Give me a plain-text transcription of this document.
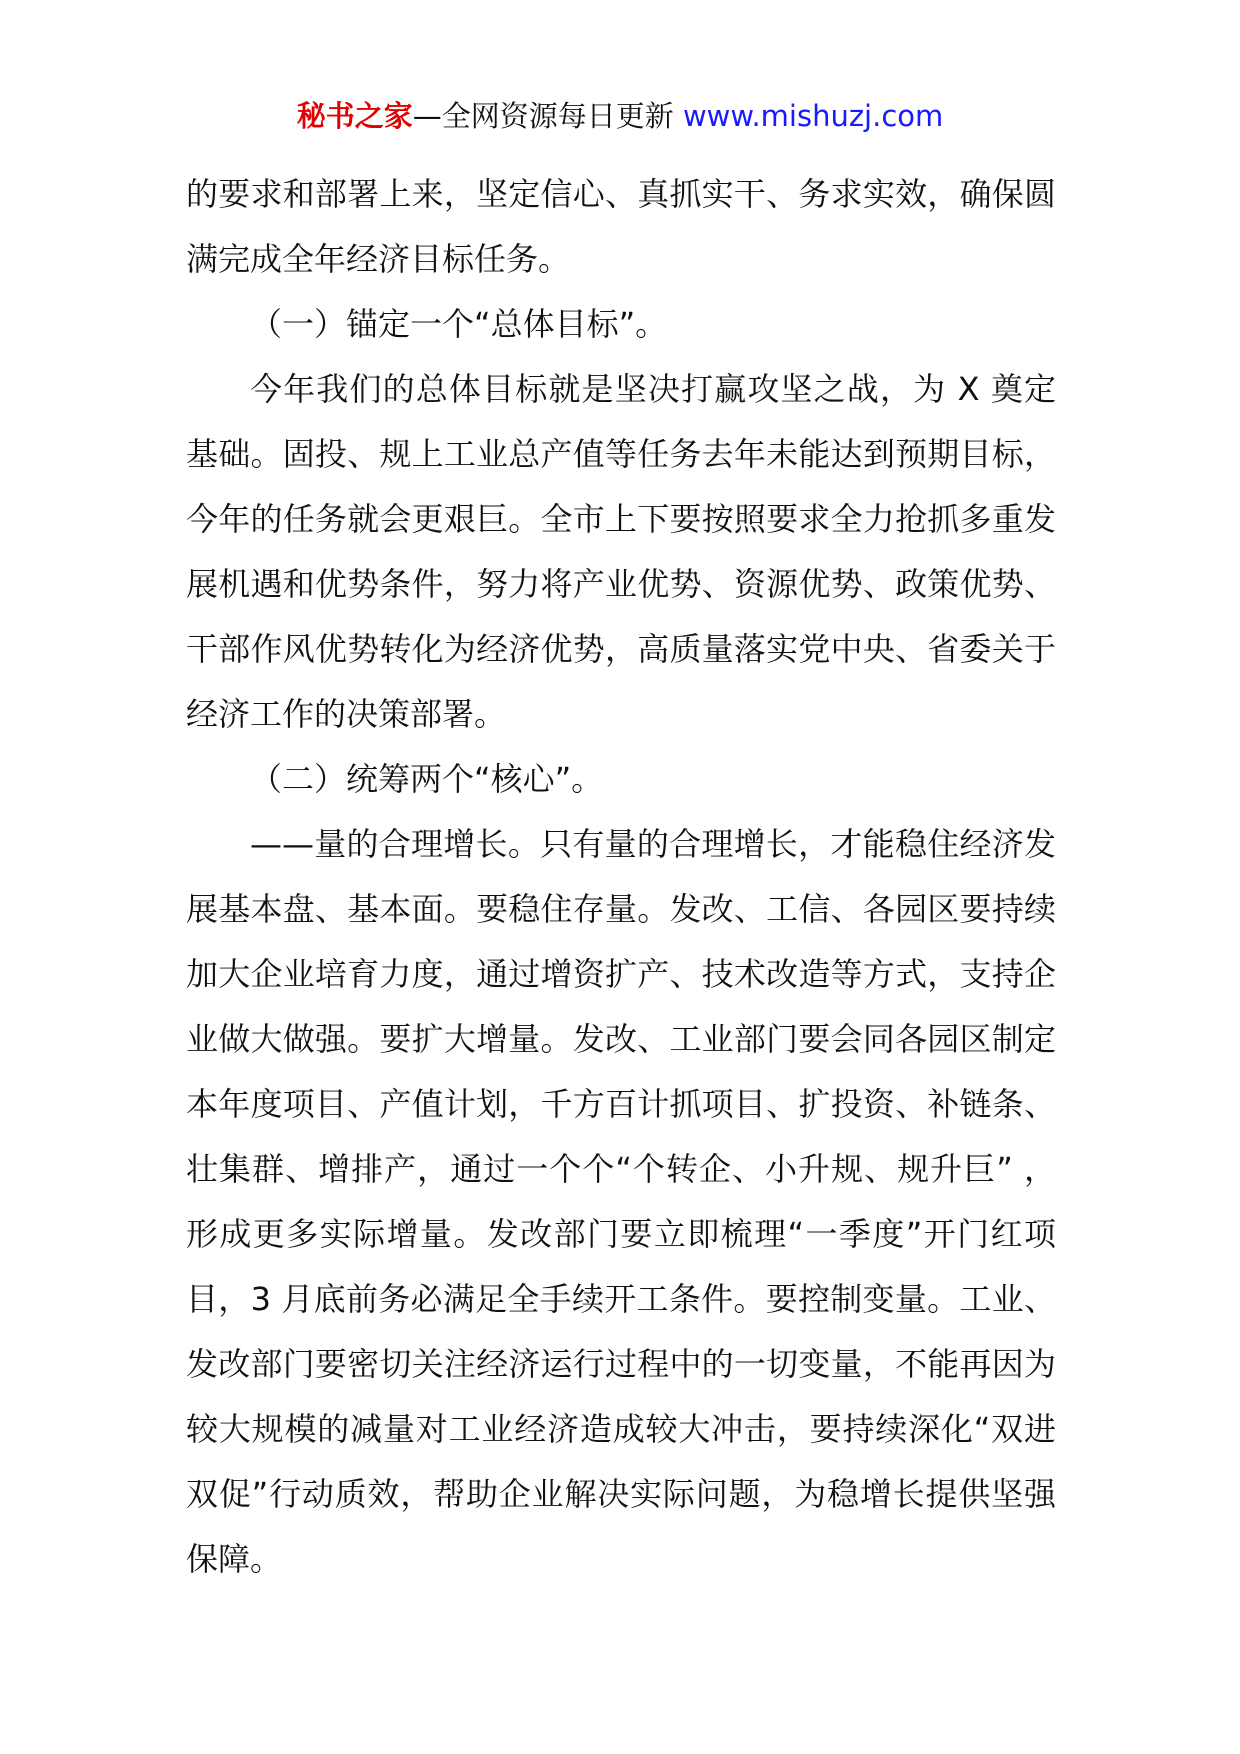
秘书之家—全网资源每日更新 www.mishuzj.com

的要求和部署上来，坚定信心、真抓实干、务求实效，确保圆满完成全年经济目标任务。

（一）锚定一个“总体目标”。

今年我们的总体目标就是坚决打赢攻坚之战，为 X 奠定基础。固投、规上工业总产值等任务去年未能达到预期目标，今年的任务就会更艰巨。全市上下要按照要求全力抢抓多重发展机遇和优势条件，努力将产业优势、资源优势、政策优势、干部作风优势转化为经济优势，高质量落实党中央、省委关于经济工作的决策部署。

（二）统筹两个“核心”。

——量的合理增长。只有量的合理增长，才能稳住经济发展基本盘、基本面。要稳住存量。发改、工信、各园区要持续加大企业培育力度，通过增资扩产、技术改造等方式，支持企业做大做强。要扩大增量。发改、工业部门要会同各园区制定本年度项目、产值计划，千方百计抓项目、扩投资、补链条、壮集群、增排产，通过一个个“个转企、小升规、规升巨” ，形成更多实际增量。发改部门要立即梳理“一季度”开门红项目，3 月底前务必满足全手续开工条件。要控制变量。工业、发改部门要密切关注经济运行过程中的一切变量，不能再因为较大规模的减量对工业经济造成较大冲击，要持续深化“双进双促”行动质效，帮助企业解决实际问题，为稳增长提供坚强保障。
